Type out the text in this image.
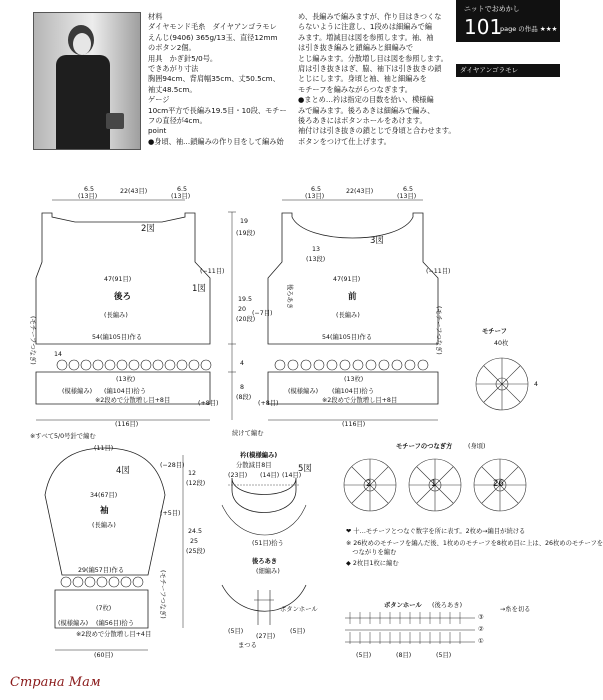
材料
ダイヤモンド毛糸　ダイヤアンゴラモレ
えんじ(9406) 365g/13玉、直径12mm
のボタン2個。
用具　かぎ針5/0号。
できあがり寸法
胸囲94cm、背肩幅35cm、丈50.5cm、
袖丈48.5cm。
ゲージ
10cm平方で長編み19.5目・10段、モチー
フの直径が4cm。
point
●身頃、袖…鎖編みの作り目をして編み始
め、長編みで編みますが、作り目はきつくな
らないように注意し、1段めは細編みで編
みます。増減目は図を参照します。袖、袖
は引き抜き編みと鎖編みと細編みで
とじ編みます。分散増し目は図を参照します。
肩は引き抜きはぎ、脇、袖下は引き抜きの鎖
とじにします。身頃と袖、袖と細編みを
モチーフを編みながらつなぎます。
●まとめ…衿は指定の目数を拾い、模様編
みで編みます。後ろあきは細編みで編み、
後ろあきにはボタンホールをあけます。
袖付けは引き抜きの鎖とじで身頃と合わせます。
ボタンをつけて仕上げます。
ニットでおめかし
101
page の作品 ★★★
ダイヤアンゴラモレ
6.5
(13目)
22(43目)	6.5
(13目)
2図
47(91目)
1図
後ろ
(長編み)
54(編105目)作る
14
(13枚)
(模様編み) (編104目)拾う
※2段めで分散増し目+8目	(+8目)
(116目)
19
(19段)
(−11目)
(モチーフつなぎ)
6.5
(13目)
22(43目)	6.5
(13目)
3図
47(91目)
前
(長編み)
54(編105目)作る
(13枚)
(模様編み) (編104目)拾う
※2段めで分散増し目+8目
(+8目)
(116目)
後ろあき
13
(13段)
19.5
20
(20段)
(−7目)
(−11目)
8
(8段)
4
続けて編む
(モチーフつなぎ)
※すべて5/0号針で編む
(11目)
(−28目)
4図
34(67目)
袖
(長編み)
29(編57目)作る
(7枚)
(模様編み) (編56目)拾う
※2段めで分散増し目+4目
(60目)
12
(12段)
24.5
25
(25段)
(+5目)
(モチーフつなぎ)
衿(模様編み)
分散減目8目	5図
(23目) (14目) (14目)
(51目)拾う
後ろあき
(細編み)
ボタンホール
まつる
(5目)	(5目)
(27目)
モチーフ
40枚
4
モチーフのつなぎ方 (身頃)
2	1	26
❤ 十…モチーフとつなぐ数字を所に表す。2枚め→編目が続ける
※ 26枚めのモチーフを編んだ後、1枚めのモチーフを8枚め目に上は、26枚めのモチーフを
　つながりを編む
◆ 2枚目1枚に編む
ボタンホール (後ろあき)
→糸を切る
③
②
①
(5目)	(8目)	(5目)
Страна Мам
